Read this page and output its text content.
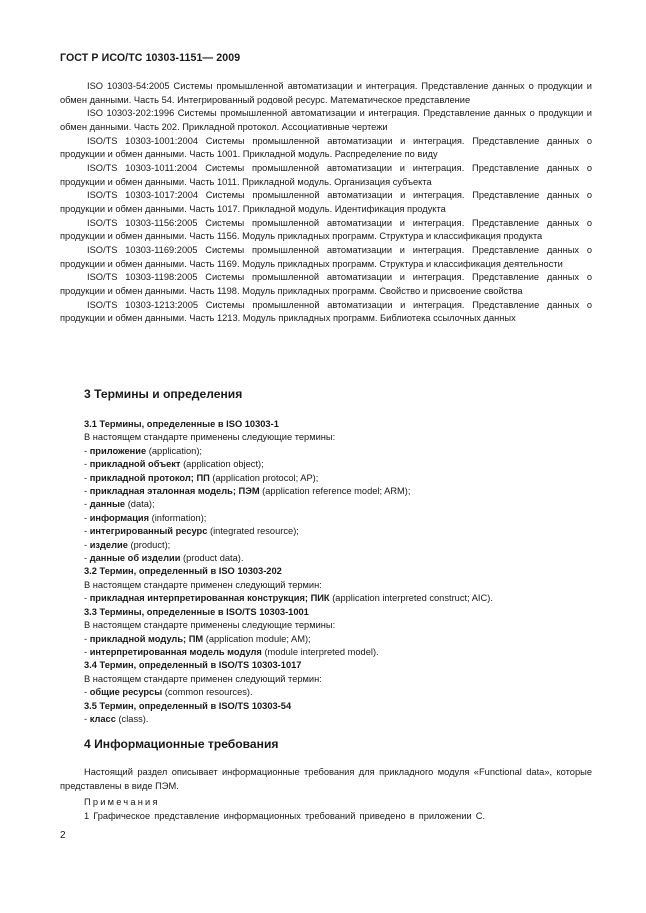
ГОСТ Р ИСО/ТС 10303-1151— 2009

ISO 10303-54:2005 Системы промышленной автоматизации и интеграция. Представление данных о продукции и обмен данными. Часть 54. Интегрированный родовой ресурс. Математическое представление

ISO 10303-202:1996 Системы промышленной автоматизации и интеграция. Представление данных о продукции и обмен данными. Часть 202. Прикладной протокол. Ассоциативные чертежи

ISO/TS 10303-1001:2004 Системы промышленной автоматизации и интеграция. Представление данных о продукции и обмен данными. Часть 1001. Прикладной модуль. Распределение по виду

ISO/TS 10303-1011:2004 Системы промышленной автоматизации и интеграция. Представление данных о продукции и обмен данными. Часть 1011. Прикладной модуль. Организация субъекта

ISO/TS 10303-1017:2004 Системы промышленной автоматизации и интеграция. Представление данных о продукции и обмен данными. Часть 1017. Прикладной модуль. Идентификация продукта

ISO/TS 10303-1156:2005 Системы промышленной автоматизации и интеграция. Представление данных о продукции и обмен данными. Часть 1156. Модуль прикладных программ. Структура и классификация продукта

ISO/TS 10303-1169:2005 Системы промышленной автоматизации и интеграция. Представление данных о продукции и обмен данными. Часть 1169. Модуль прикладных программ. Структура и классификация деятельности

ISO/TS 10303-1198:2005 Системы промышленной автоматизации и интеграция. Представление данных о продукции и обмен данными. Часть 1198. Модуль прикладных программ. Свойство и присвоение свойства

ISO/TS 10303-1213:2005 Системы промышленной автоматизации и интеграция. Представление данных о продукции и обмен данными. Часть 1213. Модуль прикладных программ. Библиотека ссылочных данных

3 Термины и определения

3.1 Термины, определенные в ISO 10303-1

В настоящем стандарте применены следующие термины:

- приложение (application);

- прикладной объект (application object);

- прикладной протокол; ПП (application protocol; AP);

- прикладная эталонная модель; ПЭМ (application reference model; ARM);

- данные (data);

- информация (information);

- интегрированный ресурс (integrated resource);

- изделие (product);

- данные об изделии (product data).

3.2 Термин, определенный в ISO 10303-202

В настоящем стандарте применен следующий термин:

- прикладная интерпретированная конструкция; ПИК (application interpreted construct; AIC).

3.3 Термины, определенные в ISO/TS 10303-1001

В настоящем стандарте применены следующие термины:

- прикладной модуль; ПМ (application module; AM);

- интерпретированная модель модуля (module interpreted model).

3.4 Термин, определенный в ISO/TS 10303-1017

В настоящем стандарте применен следующий термин:

- общие ресурсы (common resources).

3.5 Термин, определенный в ISO/TS 10303-54

- класс (class).

4 Информационные требования

Настоящий раздел описывает информационные требования для прикладного модуля «Functional data», которые представлены в виде ПЭМ.

Примечания
1 Графическое представление информационных требований приведено в приложении С.
2
